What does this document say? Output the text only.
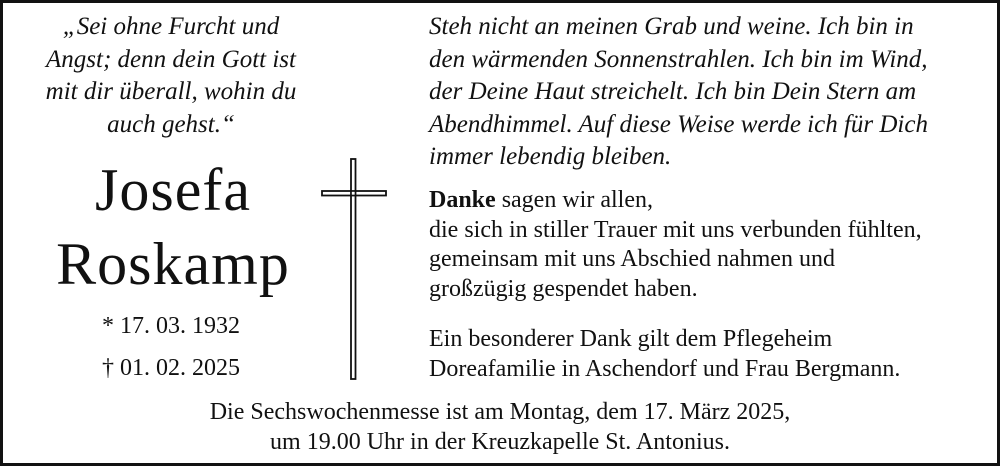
„Sei ohne Furcht und
Angst; denn dein Gott ist
mit dir überall, wohin du
auch gehst.“
Josefa
Roskamp
* 17. 03. 1932
† 01. 02. 2025
Steh nicht an meinen Grab und weine. Ich bin in
den wärmenden Sonnenstrahlen. Ich bin im Wind,
der Deine Haut streichelt. Ich bin Dein Stern am
Abendhimmel. Auf diese Weise werde ich für Dich
immer lebendig bleiben.
Danke sagen wir allen,
die sich in stiller Trauer mit uns verbunden fühlten,
gemeinsam mit uns Abschied nahmen und
großzügig gespendet haben.
Ein besonderer Dank gilt dem Pflegeheim
Doreafamilie in Aschendorf und Frau Bergmann.
Die Sechswochenmesse ist am Montag, dem 17. März 2025,
um 19.00 Uhr in der Kreuzkapelle St. Antonius.
